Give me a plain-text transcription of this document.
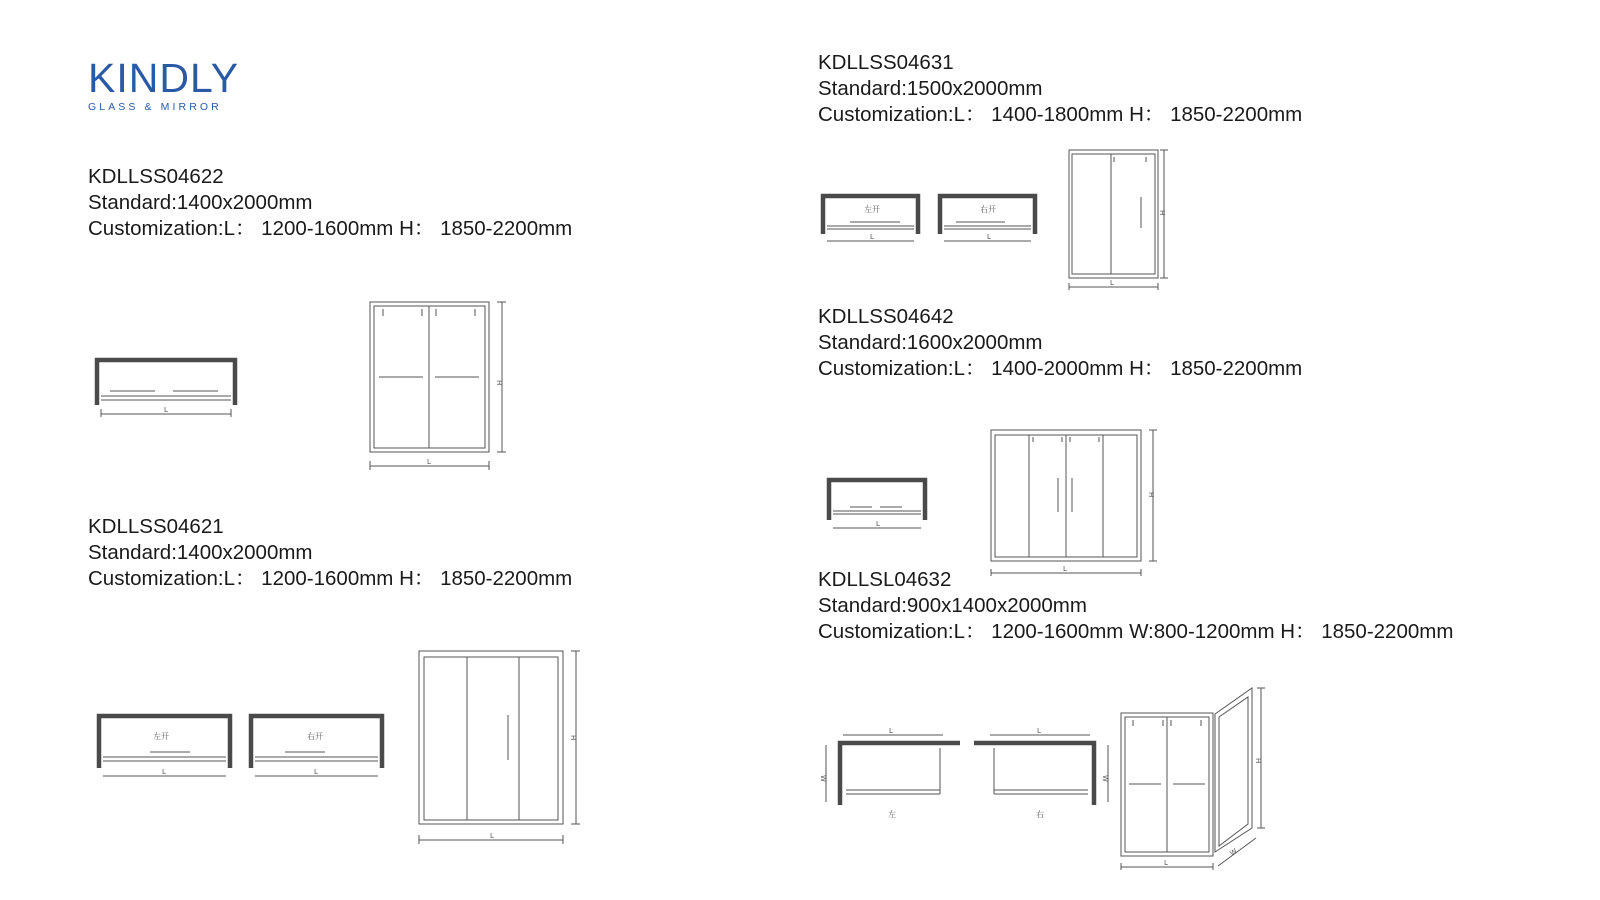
KINDLY
GLASS & MIRROR
KDLLSS04622
Standard:1400x2000mm
Customization:L： 1200-1600mm H： 1850-2200mm
KDLLSS04621
Standard:1400x2000mm
Customization:L： 1200-1600mm H： 1850-2200mm
KDLLSS04631
Standard:1500x2000mm
Customization:L： 1400-1800mm H： 1850-2200mm
KDLLSS04642
Standard:1600x2000mm
Customization:L： 1400-2000mm H： 1850-2200mm
KDLLSL04632
Standard:900x1400x2000mm
Customization:L： 1200-1600mm W:800-1200mm H： 1850-2200mm
L
L
H
左开
L
右开
L
L
H
左开
L
右开
L
L
H
L
L
H
L
W
左
L
W
右
L
H
W
